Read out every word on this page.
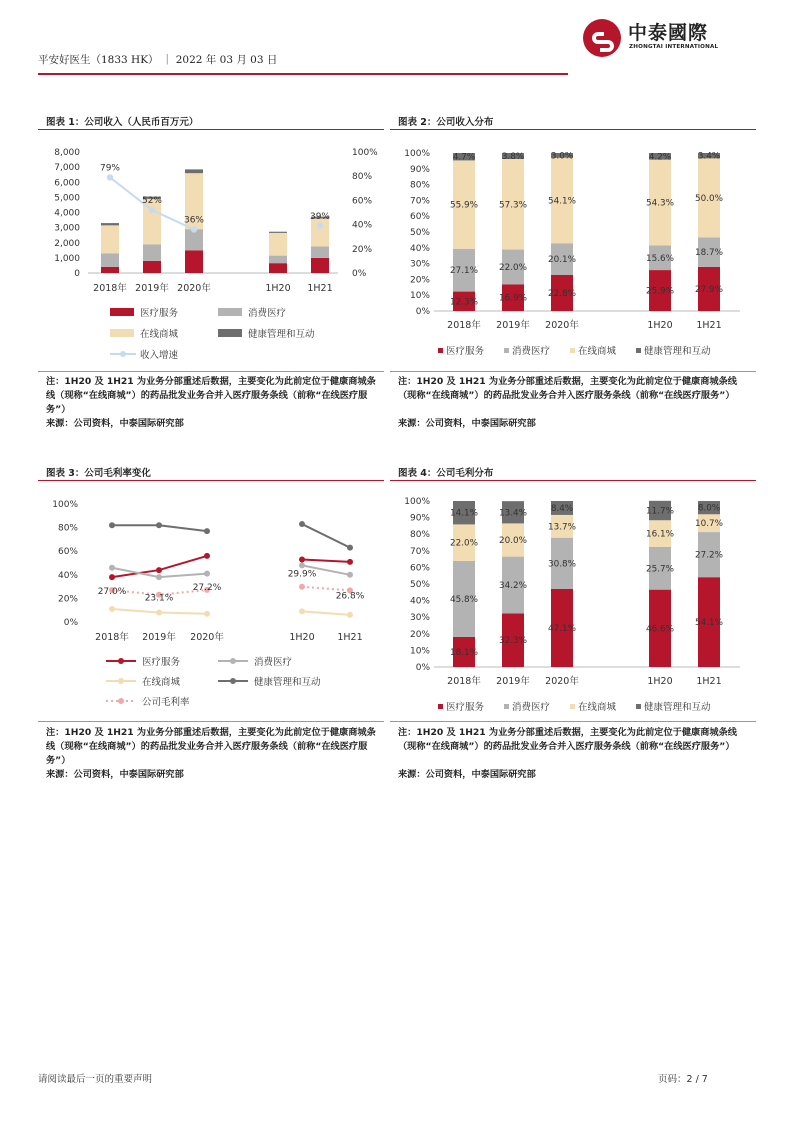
平安好医生（1833 HK） ｜ 2022 年 03 月 03 日
中泰國際
ZHONGTAI INTERNATIONAL
图表 1：公司收入（人民币百万元）
0
1,000
2,000
3,000
4,000
5,000
6,000
7,000
8,000
0%
20%
40%
60%
80%
100%
2018年 2019年 2020年	1H20 1H21
79%
52%
36%	39%
医疗服务	消费医疗
在线商城	健康管理和互动
收入增速
注：1H20 及 1H21 为业务分部重述后数据，主要变化为此前定位于健康商城条线（现称“在线商城”）的药品批发业务合并入医疗服务条线（前称“在线医疗服务”）
来源：公司资料，中泰国际研究部
图表 2：公司收入分布
0%
10%
20%
30%
40%
50%
60%
70%
80%
90%
100%
12.3%
27.1%
55.9%
4.7%
2018年
16.9%
22.0%
57.3%
3.8%
2019年
22.8%
20.1%
54.1%
3.0%
2020年
25.9%
15.6%
54.3%
4.2%
1H20
27.9%
18.7%
50.0%
3.4%
1H21
医疗服务	消费医疗	在线商城	健康管理和互动
注：1H20 及 1H21 为业务分部重述后数据，主要变化为此前定位于健康商城条线（现称“在线商城”）的药品批发业务合并入医疗服务条线（前称“在线医疗服务”）
来源：公司资料，中泰国际研究部
图表 3：公司毛利率变化
0%
20%
40%
60%
80%
100%
2018年 2019年 2020年	1H20 1H21
27.0%
23.1%
27.2%
29.9%
26.8%
医疗服务	消费医疗
在线商城	健康管理和互动
公司毛利率
注：1H20 及 1H21 为业务分部重述后数据，主要变化为此前定位于健康商城条线（现称“在线商城”）的药品批发业务合并入医疗服务条线（前称“在线医疗服务”）
来源：公司资料，中泰国际研究部
图表 4：公司毛利分布
0%
10%
20%
30%
40%
50%
60%
70%
80%
90%
100%
18.1%
45.8%
22.0%
14.1%
2018年
32.3%
34.2%
20.0%
13.4%
2019年
47.1%
30.8%
13.7%
8.4%
2020年
46.6%
25.7%
16.1%
11.7%
1H20
54.1%
27.2%
10.7%
8.0%
1H21
医疗服务	消费医疗	在线商城	健康管理和互动
注：1H20 及 1H21 为业务分部重述后数据，主要变化为此前定位于健康商城条线（现称“在线商城”）的药品批发业务合并入医疗服务条线（前称“在线医疗服务”）
来源：公司资料，中泰国际研究部
请阅读最后一页的重要声明	页码：2 / 7
